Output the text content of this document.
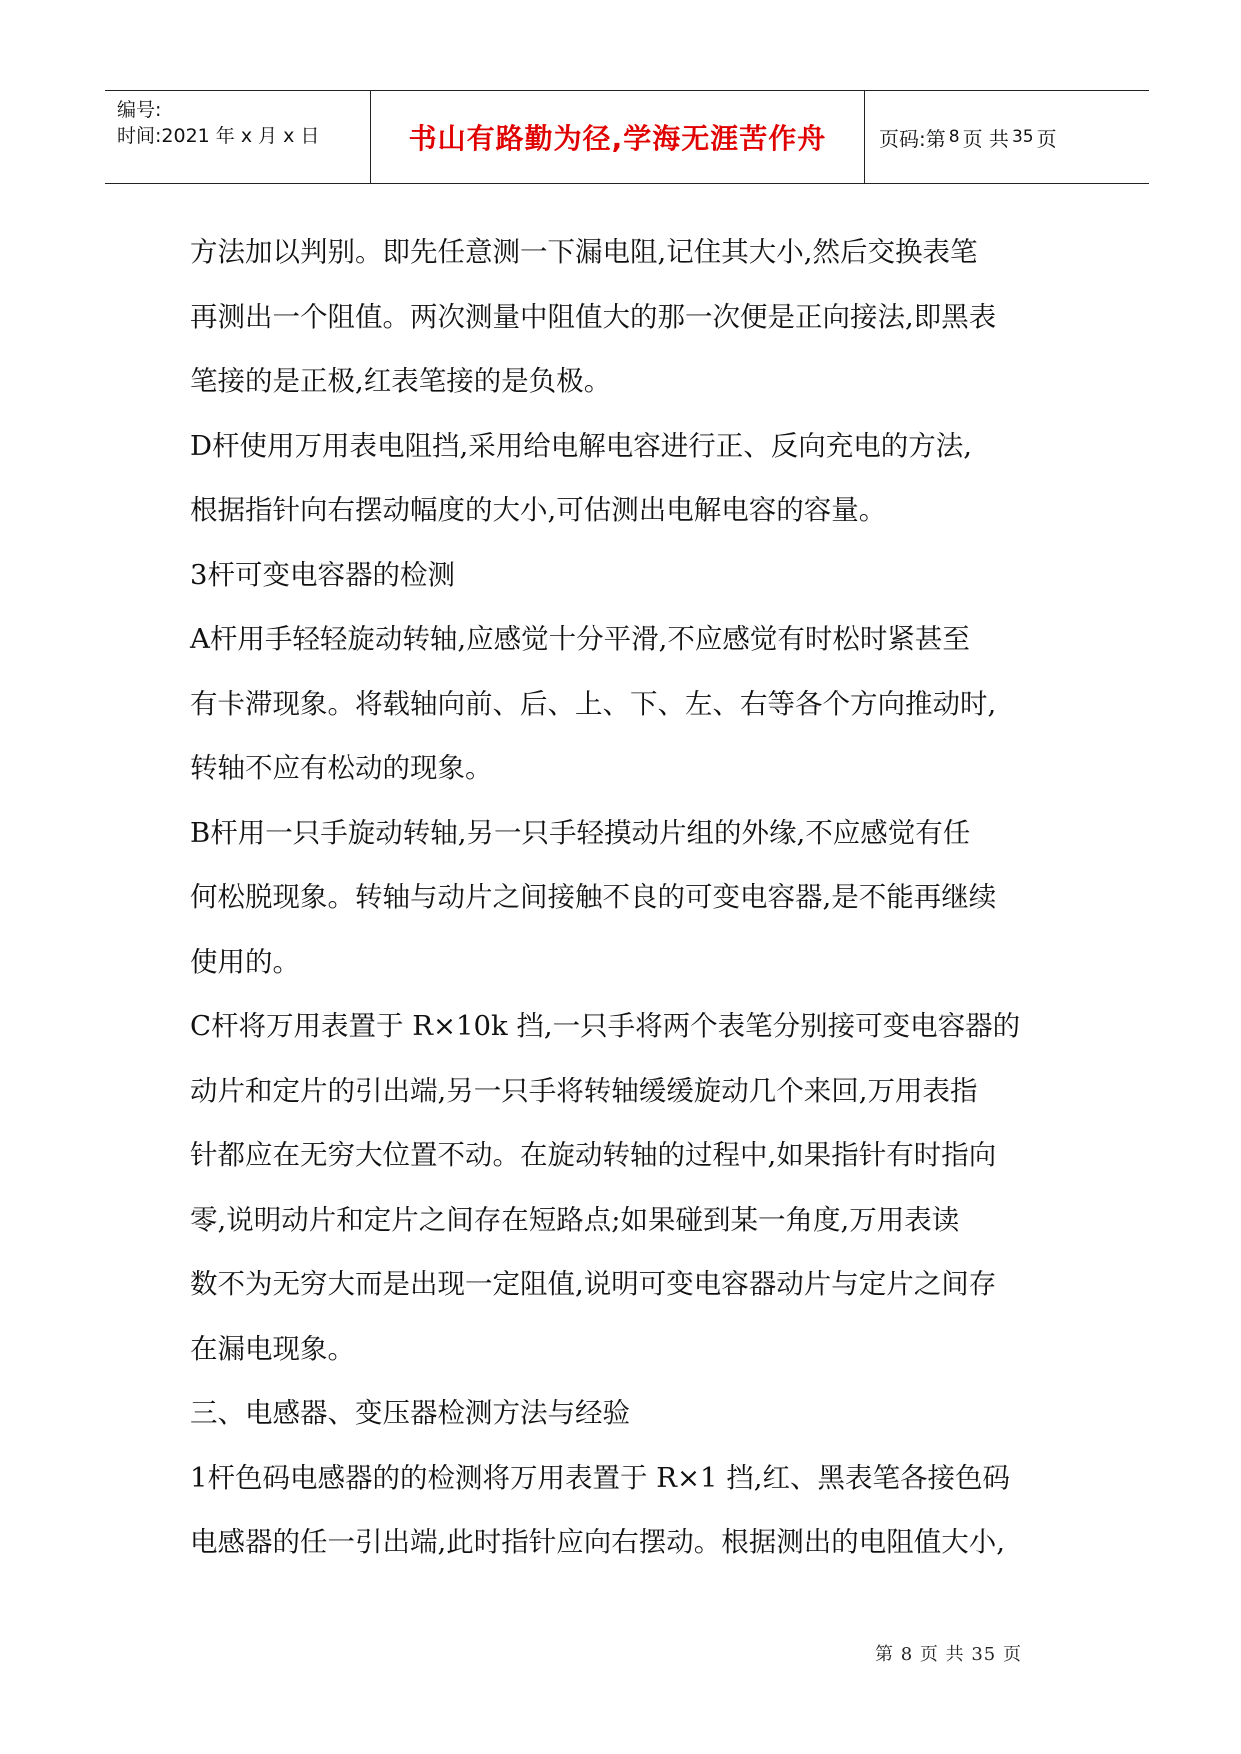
编号:
时间:2021 年 x 月 x 日	书山有路勤为径,学海无涯苦作舟	页码:第 8 页 共 35 页

方法加以判别。即先任意测一下漏电阻,记住其大小,然后交换表笔

再测出一个阻值。两次测量中阻值大的那一次便是正向接法,即黑表

笔接的是正极,红表笔接的是负极。

D杆使用万用表电阻挡,采用给电解电容进行正、反向充电的方法,

根据指针向右摆动幅度的大小,可估测出电解电容的容量。

3杆可变电容器的检测

A杆用手轻轻旋动转轴,应感觉十分平滑,不应感觉有时松时紧甚至

有卡滞现象。将载轴向前、后、上、下、左、右等各个方向推动时,

转轴不应有松动的现象。

B杆用一只手旋动转轴,另一只手轻摸动片组的外缘,不应感觉有任

何松脱现象。转轴与动片之间接触不良的可变电容器,是不能再继续

使用的。

C杆将万用表置于 R×10k 挡,一只手将两个表笔分别接可变电容器的

动片和定片的引出端,另一只手将转轴缓缓旋动几个来回,万用表指

针都应在无穷大位置不动。在旋动转轴的过程中,如果指针有时指向

零,说明动片和定片之间存在短路点;如果碰到某一角度,万用表读

数不为无穷大而是出现一定阻值,说明可变电容器动片与定片之间存

在漏电现象。

三、电感器、变压器检测方法与经验

1杆色码电感器的的检测将万用表置于 R×1 挡,红、黑表笔各接色码

电感器的任一引出端,此时指针应向右摆动。根据测出的电阻值大小,

第 8 页 共 35 页
